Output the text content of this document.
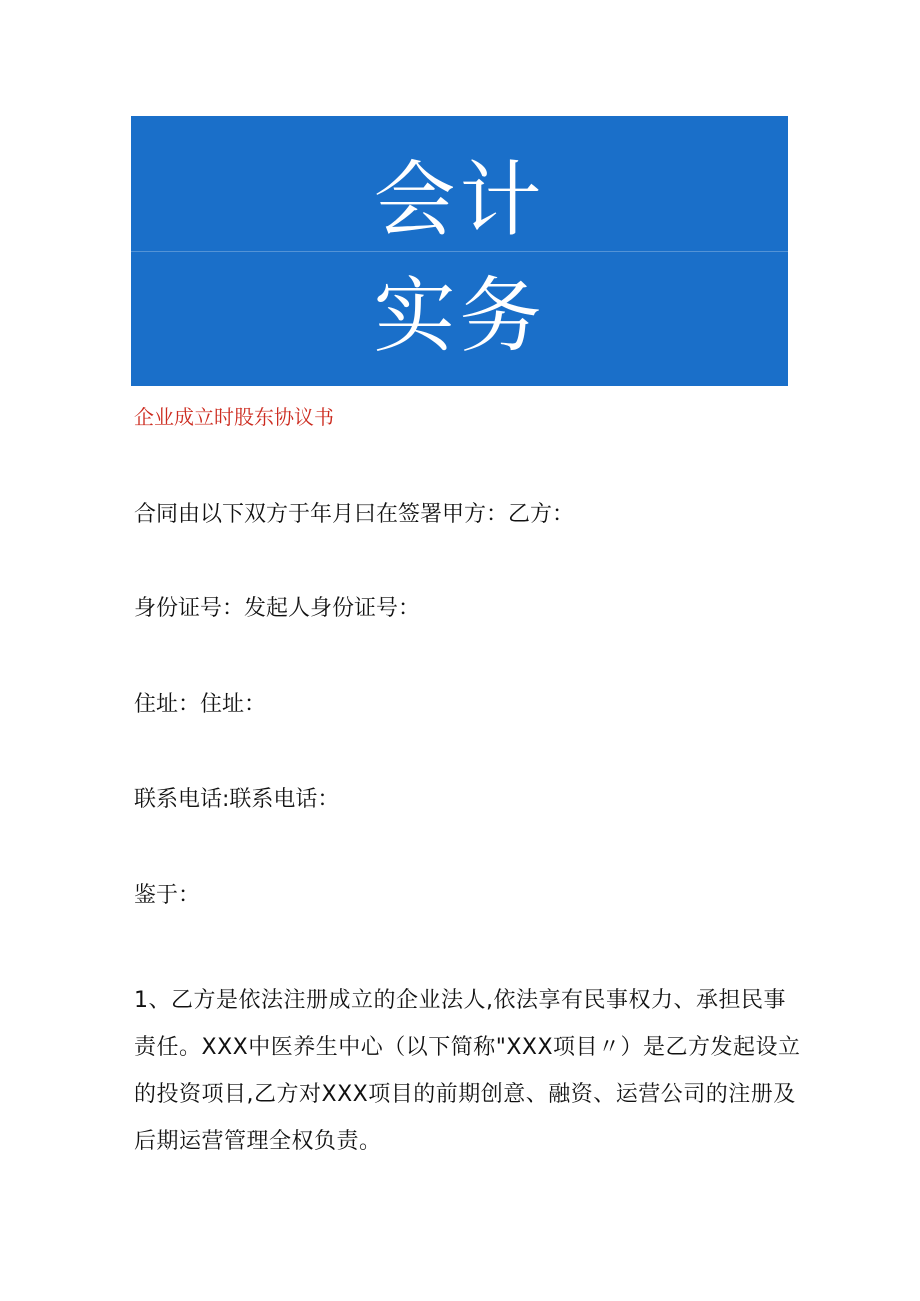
会计
实务
企业成立时股东协议书
合同由以下双方于年月曰在签署甲方：乙方：
身份证号：发起人身份证号：
住址：住址：
联系电话:联系电话：
鉴于：
1、乙方是依法注册成立的企业法人,依法享有民事权力、承担民事责任。XXX中医养生中心（以下简称"XXX项目〃）是乙方发起设立的投资项目,乙方对XXX项目的前期创意、融资、运营公司的注册及后期运营管理全权负责。
